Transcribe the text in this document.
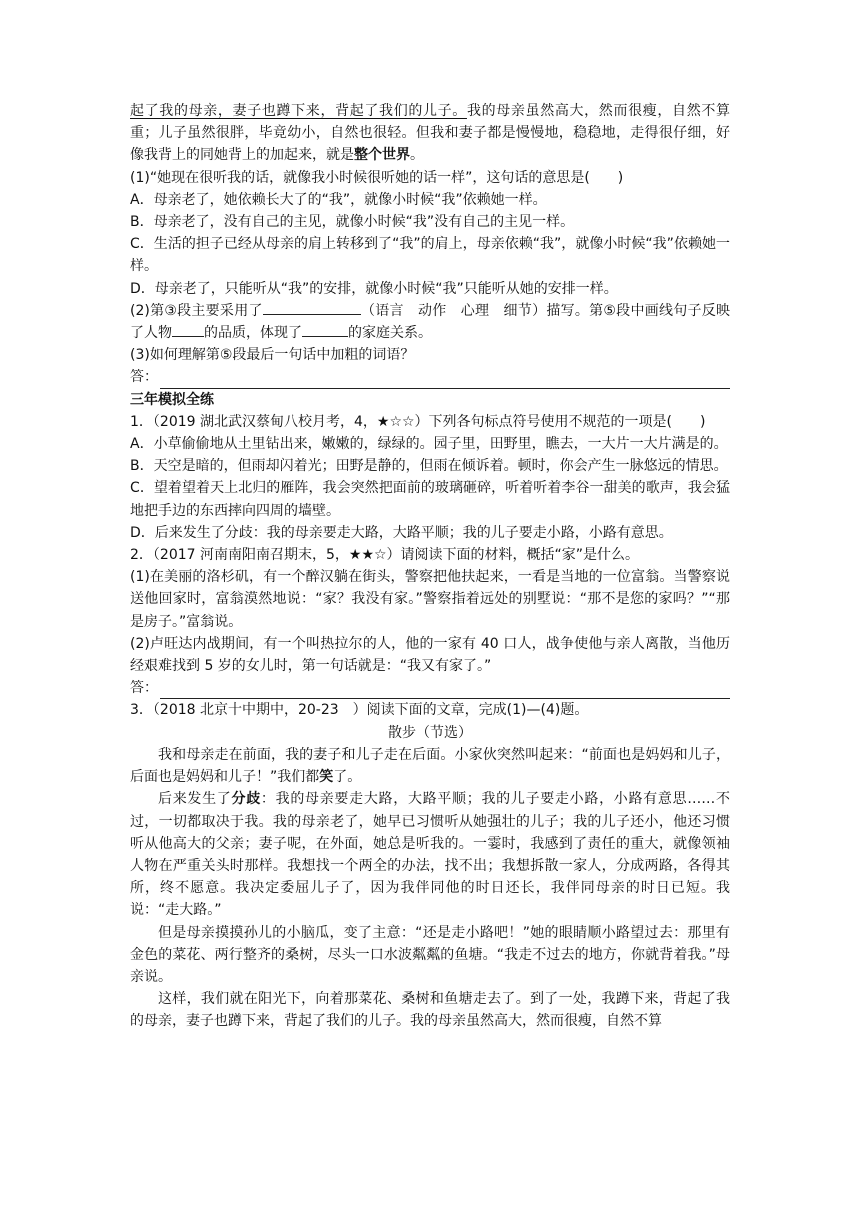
起了我的母亲，妻子也蹲下来，背起了我们的儿子。我的母亲虽然高大，然而很瘦，自然不算重；儿子虽然很胖，毕竟幼小，自然也很轻。但我和妻子都是慢慢地，稳稳地，走得很仔细，好像我背上的同她背上的加起来，就是整个世界。

(1)“她现在很听我的话，就像我小时候很听她的话一样”，这句话的意思是(　　)

A．母亲老了，她依赖长大了的“我”，就像小时候“我”依赖她一样。

B．母亲老了，没有自己的主见，就像小时候“我”没有自己的主见一样。

C．生活的担子已经从母亲的肩上转移到了“我”的肩上，母亲依赖“我”，就像小时候“我”依赖她一样。

D．母亲老了，只能听从“我”的安排，就像小时候“我”只能听从她的安排一样。

(2)第③段主要采用了	（语言　动作　心理　细节）描写。第⑤段中画线句子反映了人物 的品质，体现了	的家庭关系。

(3)如何理解第⑤段最后一句话中加粗的词语？

答：

三年模拟全练

1．（2019 湖北武汉蔡甸八校月考，4，★☆☆）下列各句标点符号使用不规范的一项是(　　)

A．小草偷偷地从土里钻出来，嫩嫩的，绿绿的。园子里，田野里，瞧去，一大片一大片满是的。

B．天空是暗的，但雨却闪着光；田野是静的，但雨在倾诉着。顿时，你会产生一脉悠远的情思。

C．望着望着天上北归的雁阵，我会突然把面前的玻璃砸碎，听着听着李谷一甜美的歌声，我会猛地把手边的东西摔向四周的墙壁。

D．后来发生了分歧：我的母亲要走大路，大路平顺；我的儿子要走小路，小路有意思。

2．（2017 河南南阳南召期末，5，★★☆）请阅读下面的材料，概括“家”是什么。

(1)在美丽的洛杉矶，有一个醉汉躺在街头，警察把他扶起来，一看是当地的一位富翁。当警察说送他回家时，富翁漠然地说：“家？我没有家。”警察指着远处的别墅说：“那不是您的家吗？”“那是房子。”富翁说。

(2)卢旺达内战期间，有一个叫热拉尔的人，他的一家有 40 口人，战争使他与亲人离散，当他历经艰难找到 5 岁的女儿时，第一句话就是：“我又有家了。”

答：

3．（2018 北京十中期中，20-23　）阅读下面的文章，完成(1)—(4)题。

散步（节选）

我和母亲走在前面，我的妻子和儿子走在后面。小家伙突然叫起来：“前面也是妈妈和儿子，后面也是妈妈和儿子！”我们都笑了。

后来发生了分歧：我的母亲要走大路，大路平顺；我的儿子要走小路，小路有意思……不过，一切都取决于我。我的母亲老了，她早已习惯听从她强壮的儿子；我的儿子还小，他还习惯听从他高大的父亲；妻子呢，在外面，她总是听我的。一霎时，我感到了责任的重大，就像领袖人物在严重关头时那样。我想找一个两全的办法，找不出；我想拆散一家人，分成两路，各得其所，终不愿意。我决定委屈儿子了，因为我伴同他的时日还长，我伴同母亲的时日已短。我说：“走大路。”

但是母亲摸摸孙儿的小脑瓜，变了主意：“还是走小路吧！”她的眼睛顺小路望过去：那里有金色的菜花、两行整齐的桑树，尽头一口水波粼粼的鱼塘。“我走不过去的地方，你就背着我。”母亲说。

这样，我们就在阳光下，向着那菜花、桑树和鱼塘走去了。到了一处，我蹲下来，背起了我的母亲，妻子也蹲下来，背起了我们的儿子。我的母亲虽然高大，然而很瘦，自然不算
